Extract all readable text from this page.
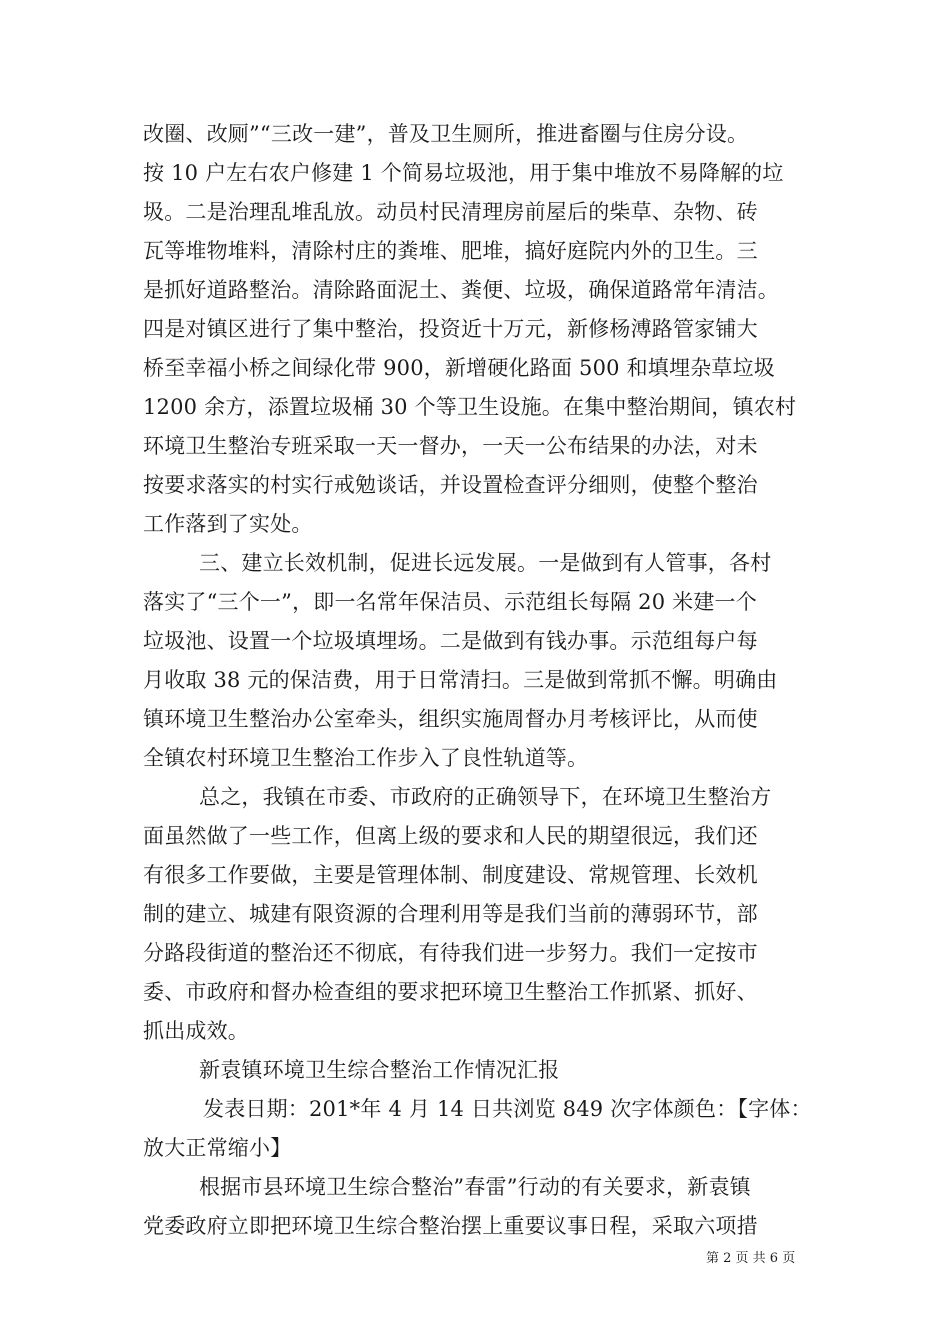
改圈、改厕”“三改一建”，普及卫生厕所，推进畜圈与住房分设。
按 10 户左右农户修建 1 个简易垃圾池，用于集中堆放不易降解的垃
圾。二是治理乱堆乱放。动员村民清理房前屋后的柴草、杂物、砖
瓦等堆物堆料，清除村庄的粪堆、肥堆，搞好庭院内外的卫生。三
是抓好道路整治。清除路面泥土、粪便、垃圾，确保道路常年清洁。
四是对镇区进行了集中整治，投资近十万元，新修杨溥路管家铺大
桥至幸福小桥之间绿化带 900，新增硬化路面 500 和填埋杂草垃圾
1200 余方，添置垃圾桶 30 个等卫生设施。在集中整治期间，镇农村
环境卫生整治专班采取一天一督办，一天一公布结果的办法，对未
按要求落实的村实行戒勉谈话，并设置检查评分细则，使整个整治
工作落到了实处。
三、建立长效机制，促进长远发展。一是做到有人管事，各村
落实了“三个一”，即一名常年保洁员、示范组长每隔 20 米建一个
垃圾池、设置一个垃圾填埋场。二是做到有钱办事。示范组每户每
月收取 38 元的保洁费，用于日常清扫。三是做到常抓不懈。明确由
镇环境卫生整治办公室牵头，组织实施周督办月考核评比，从而使
全镇农村环境卫生整治工作步入了良性轨道等。
总之，我镇在市委、市政府的正确领导下，在环境卫生整治方
面虽然做了一些工作，但离上级的要求和人民的期望很远，我们还
有很多工作要做，主要是管理体制、制度建设、常规管理、长效机
制的建立、城建有限资源的合理利用等是我们当前的薄弱环节，部
分路段街道的整治还不彻底，有待我们进一步努力。我们一定按市
委、市政府和督办检查组的要求把环境卫生整治工作抓紧、抓好、
抓出成效。
新袁镇环境卫生综合整治工作情况汇报
发表日期：201*年 4 月 14 日共浏览 849 次字体颜色：【字体：
放大正常缩小】
根据市县环境卫生综合整治”春雷”行动的有关要求，新袁镇
党委政府立即把环境卫生综合整治摆上重要议事日程，采取六项措
第 2 页 共 6 页
